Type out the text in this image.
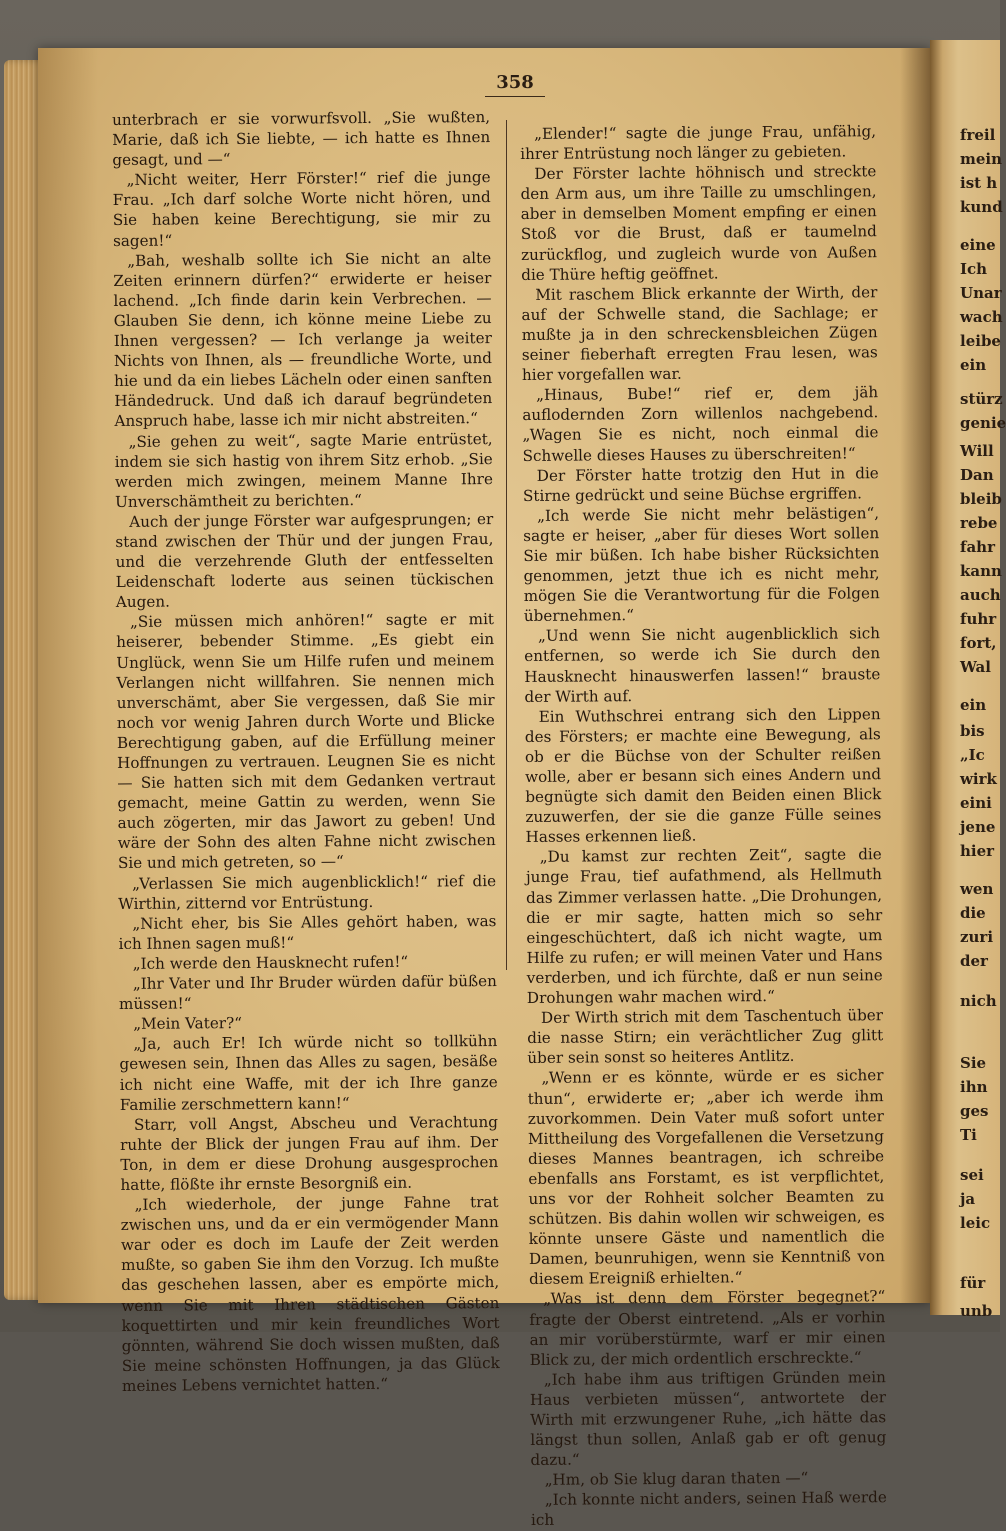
freil
mein
ist h
kund
eine
Ich
Unar
wach
leibe
ein
stürz
genie
Will
Dan
bleib
rebe
fahr
kann
auch
fuhr
fort,
Wal
ein
bis
„Ic
wirk
eini
jene
hier
wen
die
zuri
der
nich
Sie
ihn
ges
Ti
sei
ja
leic
für
unb
358

unterbrach er sie vorwurfsvoll. „Sie wußten, Marie, daß ich Sie liebte, — ich hatte es Ihnen gesagt, und —“

„Nicht weiter, Herr Förster!“ rief die junge Frau. „Ich darf solche Worte nicht hören, und Sie haben keine Berechtigung, sie mir zu sagen!“

„Bah, weshalb sollte ich Sie nicht an alte Zeiten erinnern dürfen?“ erwiderte er heiser lachend. „Ich finde darin kein Verbrechen. — Glauben Sie denn, ich könne meine Liebe zu Ihnen vergessen? — Ich verlange ja weiter Nichts von Ihnen, als — freundliche Worte, und hie und da ein liebes Lächeln oder einen sanften Händedruck. Und daß ich darauf begründeten Anspruch habe, lasse ich mir nicht abstreiten.“

„Sie gehen zu weit“, sagte Marie entrüstet, indem sie sich hastig von ihrem Sitz erhob. „Sie werden mich zwingen, meinem Manne Ihre Unverschämtheit zu berichten.“

Auch der junge Förster war aufgesprungen; er stand zwischen der Thür und der jungen Frau, und die verzehrende Gluth der entfesselten Leidenschaft loderte aus seinen tückischen Augen.

„Sie müssen mich anhören!“ sagte er mit heiserer, bebender Stimme. „Es giebt ein Unglück, wenn Sie um Hilfe rufen und meinem Verlangen nicht willfahren. Sie nennen mich unverschämt, aber Sie vergessen, daß Sie mir noch vor wenig Jahren durch Worte und Blicke Berechtigung gaben, auf die Erfüllung meiner Hoffnungen zu vertrauen. Leugnen Sie es nicht — Sie hatten sich mit dem Gedanken vertraut gemacht, meine Gattin zu werden, wenn Sie auch zögerten, mir das Jawort zu geben! Und wäre der Sohn des alten Fahne nicht zwischen Sie und mich getreten, so —“

„Verlassen Sie mich augenblicklich!“ rief die Wirthin, zitternd vor Entrüstung.

„Nicht eher, bis Sie Alles gehört haben, was ich Ihnen sagen muß!“

„Ich werde den Hausknecht rufen!“

„Ihr Vater und Ihr Bruder würden dafür büßen müssen!“

„Mein Vater?“

„Ja, auch Er! Ich würde nicht so tollkühn gewesen sein, Ihnen das Alles zu sagen, besäße ich nicht eine Waffe, mit der ich Ihre ganze Familie zerschmettern kann!“

Starr, voll Angst, Abscheu und Verachtung ruhte der Blick der jungen Frau auf ihm. Der Ton, in dem er diese Drohung ausgesprochen hatte, flößte ihr ernste Besorgniß ein.

„Ich wiederhole, der junge Fahne trat zwischen uns, und da er ein vermögender Mann war oder es doch im Laufe der Zeit werden mußte, so gaben Sie ihm den Vorzug. Ich mußte das geschehen lassen, aber es empörte mich, wenn Sie mit Ihren städtischen Gästen koquettirten und mir kein freundliches Wort gönnten, während Sie doch wissen mußten, daß Sie meine schönsten Hoffnungen, ja das Glück meines Lebens vernichtet hatten.“

„Elender!“ sagte die junge Frau, unfähig, ihrer Entrüstung noch länger zu gebieten.

Der Förster lachte höhnisch und streckte den Arm aus, um ihre Taille zu umschlingen, aber in demselben Moment empfing er einen Stoß vor die Brust, daß er taumelnd zurückflog, und zugleich wurde von Außen die Thüre heftig geöffnet.

Mit raschem Blick erkannte der Wirth, der auf der Schwelle stand, die Sachlage; er mußte ja in den schreckensbleichen Zügen seiner fieberhaft erregten Frau lesen, was hier vorgefallen war.

„Hinaus, Bube!“ rief er, dem jäh auflodernden Zorn willenlos nachgebend. „Wagen Sie es nicht, noch einmal die Schwelle dieses Hauses zu überschreiten!“

Der Förster hatte trotzig den Hut in die Stirne gedrückt und seine Büchse ergriffen.

„Ich werde Sie nicht mehr belästigen“, sagte er heiser, „aber für dieses Wort sollen Sie mir büßen. Ich habe bisher Rücksichten genommen, jetzt thue ich es nicht mehr, mögen Sie die Verantwortung für die Folgen übernehmen.“

„Und wenn Sie nicht augenblicklich sich entfernen, so werde ich Sie durch den Hausknecht hinauswerfen lassen!“ brauste der Wirth auf.

Ein Wuthschrei entrang sich den Lippen des Försters; er machte eine Bewegung, als ob er die Büchse von der Schulter reißen wolle, aber er besann sich eines Andern und begnügte sich damit den Beiden einen Blick zuzuwerfen, der sie die ganze Fülle seines Hasses erkennen ließ.

„Du kamst zur rechten Zeit“, sagte die junge Frau, tief aufathmend, als Hellmuth das Zimmer verlassen hatte. „Die Drohungen, die er mir sagte, hatten mich so sehr eingeschüchtert, daß ich nicht wagte, um Hilfe zu rufen; er will meinen Vater und Hans verderben, und ich fürchte, daß er nun seine Drohungen wahr machen wird.“

Der Wirth strich mit dem Taschentuch über die nasse Stirn; ein verächtlicher Zug glitt über sein sonst so heiteres Antlitz.

„Wenn er es könnte, würde er es sicher thun“, erwiderte er; „aber ich werde ihm zuvorkommen. Dein Vater muß sofort unter Mittheilung des Vorgefallenen die Versetzung dieses Mannes beantragen, ich schreibe ebenfalls ans Forstamt, es ist verpflichtet, uns vor der Rohheit solcher Beamten zu schützen. Bis dahin wollen wir schweigen, es könnte unsere Gäste und namentlich die Damen, beunruhigen, wenn sie Kenntniß von diesem Ereigniß erhielten.“

„Was ist denn dem Förster begegnet?“ fragte der Oberst eintretend. „Als er vorhin an mir vorüberstürmte, warf er mir einen Blick zu, der mich ordentlich erschreckte.“

„Ich habe ihm aus triftigen Gründen mein Haus verbieten müssen“, antwortete der Wirth mit erzwungener Ruhe, „ich hätte das längst thun sollen, Anlaß gab er oft genug dazu.“

„Hm, ob Sie klug daran thaten —“

„Ich konnte nicht anders, seinen Haß werde ich
